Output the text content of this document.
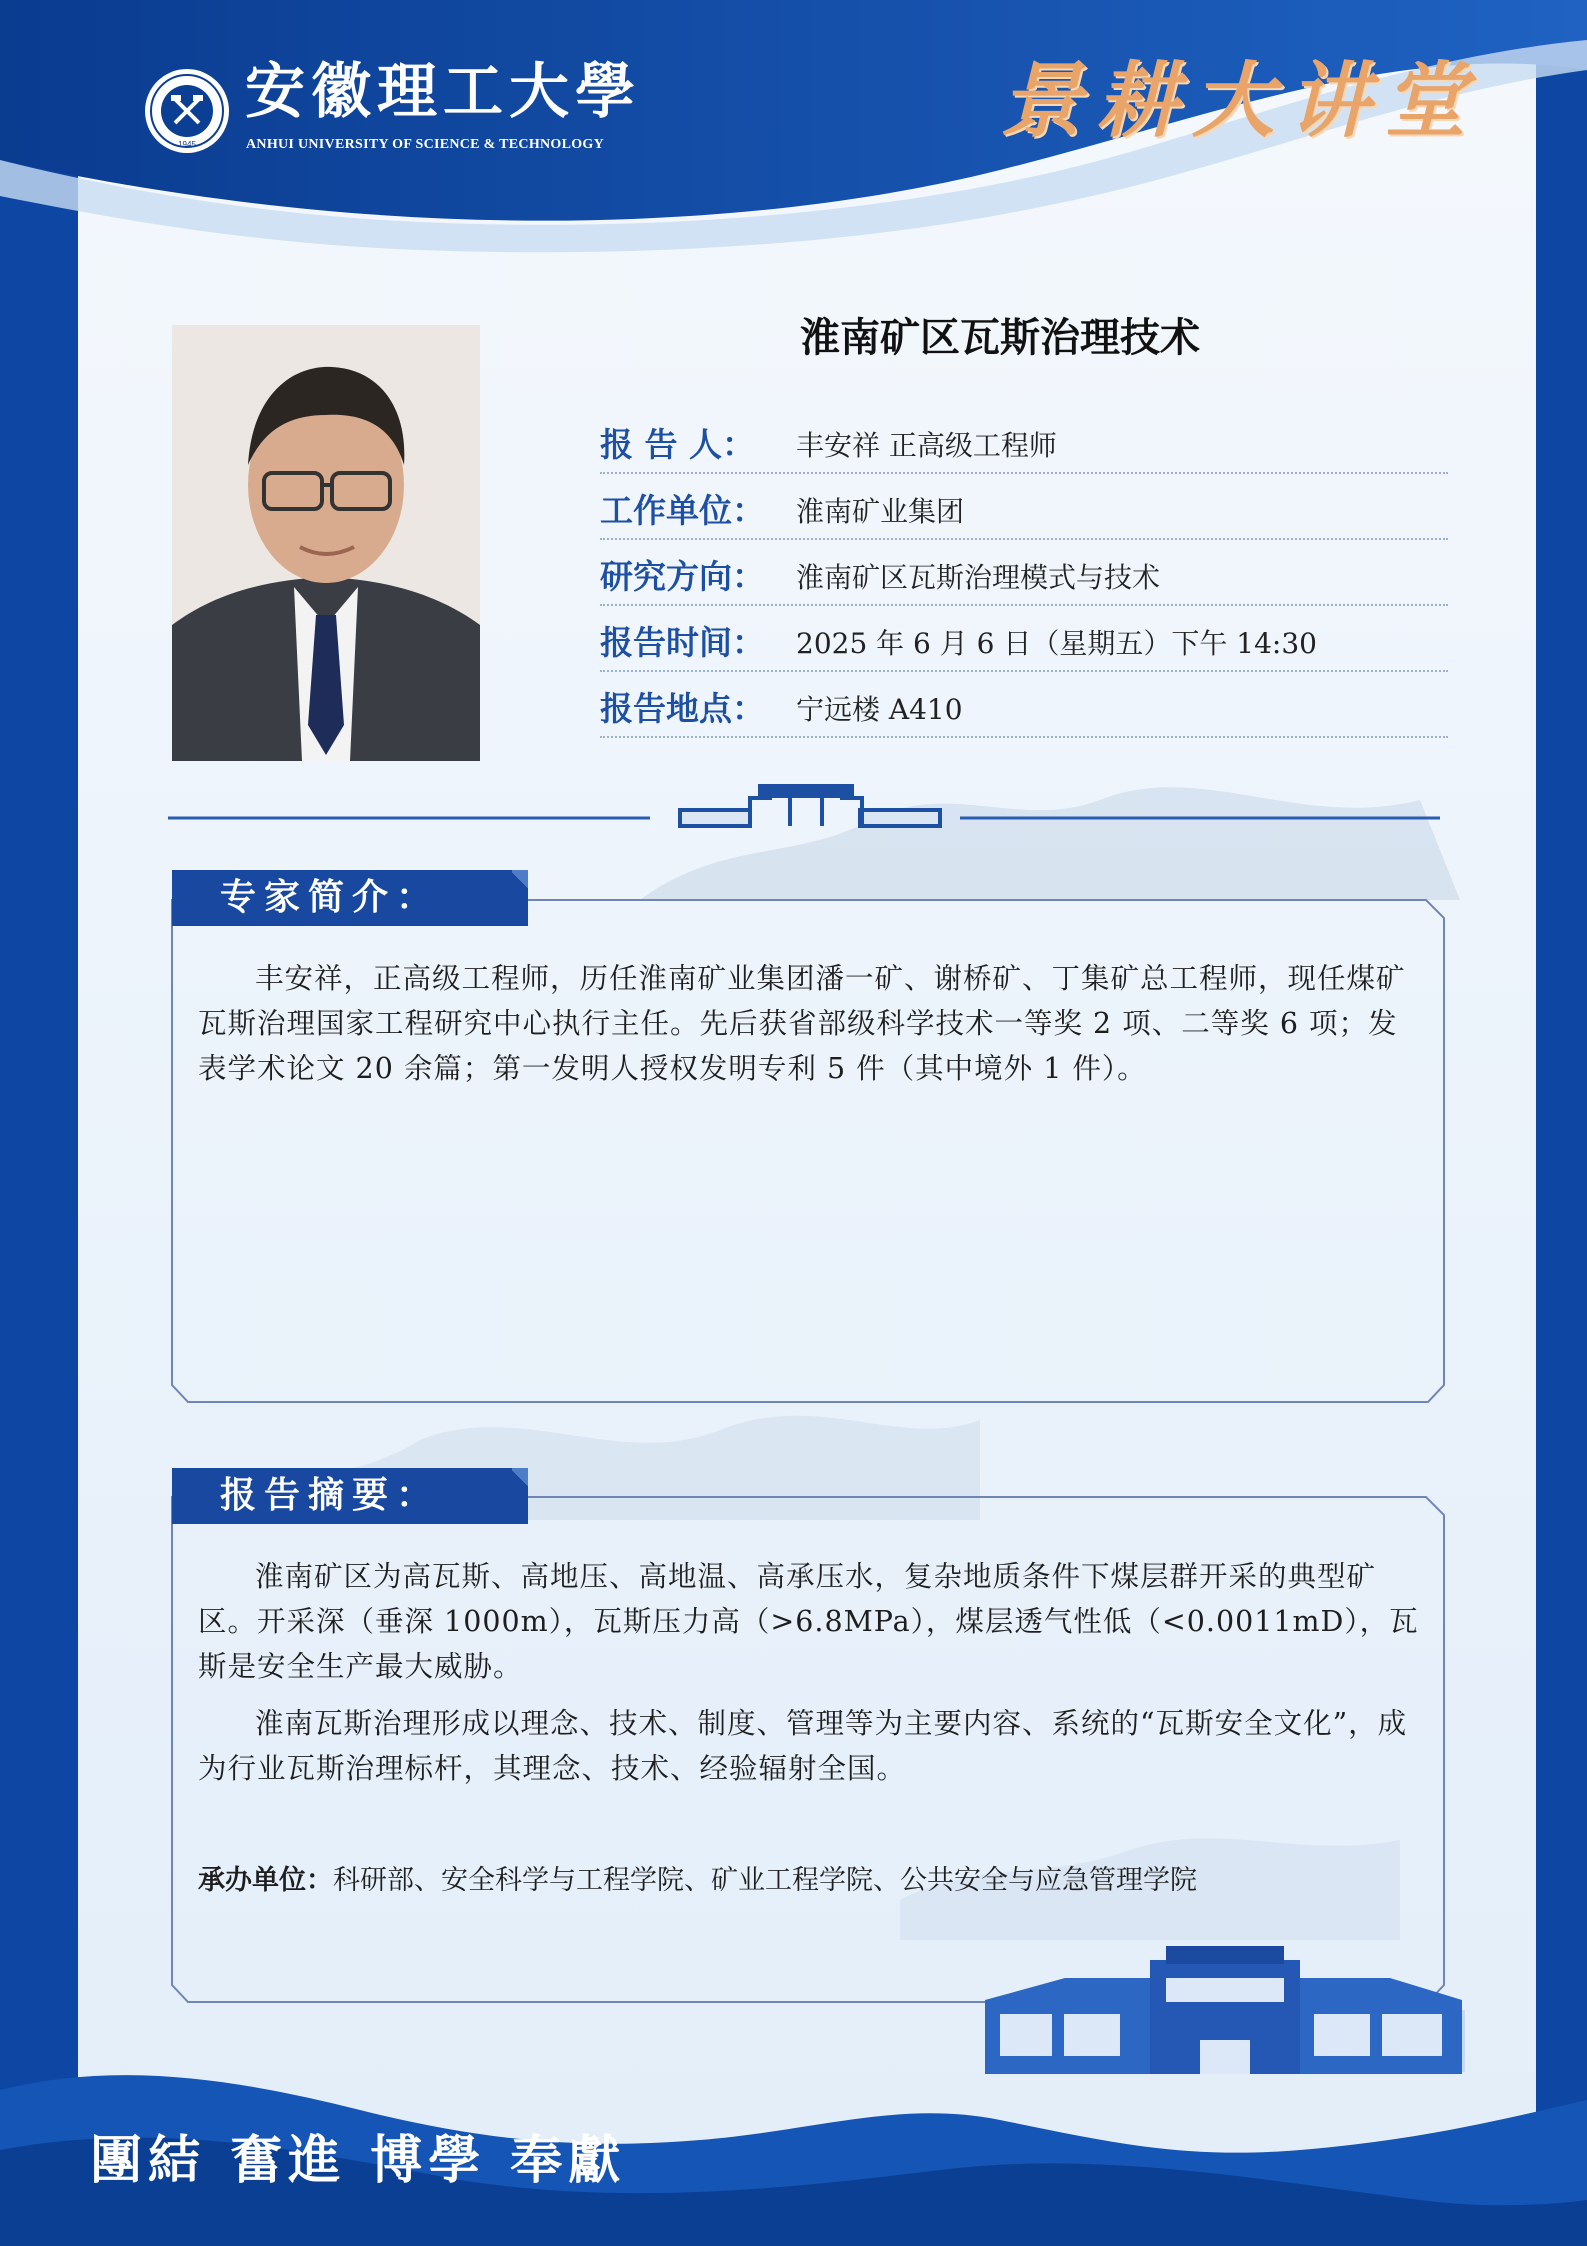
1945
安徽理工大學
ANHUI UNIVERSITY OF SCIENCE & TECHNOLOGY	景耕大讲堂
淮南矿区瓦斯治理技术
报 告 人： 丰安祥 正高级工程师
工作单位： 淮南矿业集团
研究方向： 淮南矿区瓦斯治理模式与技术
报告时间： 2025 年 6 月 6 日（星期五）下午 14:30
报告地点： 宁远楼 A410
专家简介：

丰安祥，正高级工程师，历任淮南矿业集团潘一矿、谢桥矿、丁集矿总工程师，现任煤矿瓦斯治理国家工程研究中心执行主任。先后获省部级科学技术一等奖 2 项、二等奖 6 项；发表学术论文 20 余篇；第一发明人授权发明专利 5 件（其中境外 1 件）。

报告摘要：

淮南矿区为高瓦斯、高地压、高地温、高承压水，复杂地质条件下煤层群开采的典型矿区。开采深（垂深 1000m），瓦斯压力高（>6.8MPa），煤层透气性低（<0.0011mD），瓦斯是安全生产最大威胁。

淮南瓦斯治理形成以理念、技术、制度、管理等为主要内容、系统的“瓦斯安全文化”，成为行业瓦斯治理标杆，其理念、技术、经验辐射全国。

承办单位：科研部、安全科学与工程学院、矿业工程学院、公共安全与应急管理学院
團結 奮進 博學 奉獻
